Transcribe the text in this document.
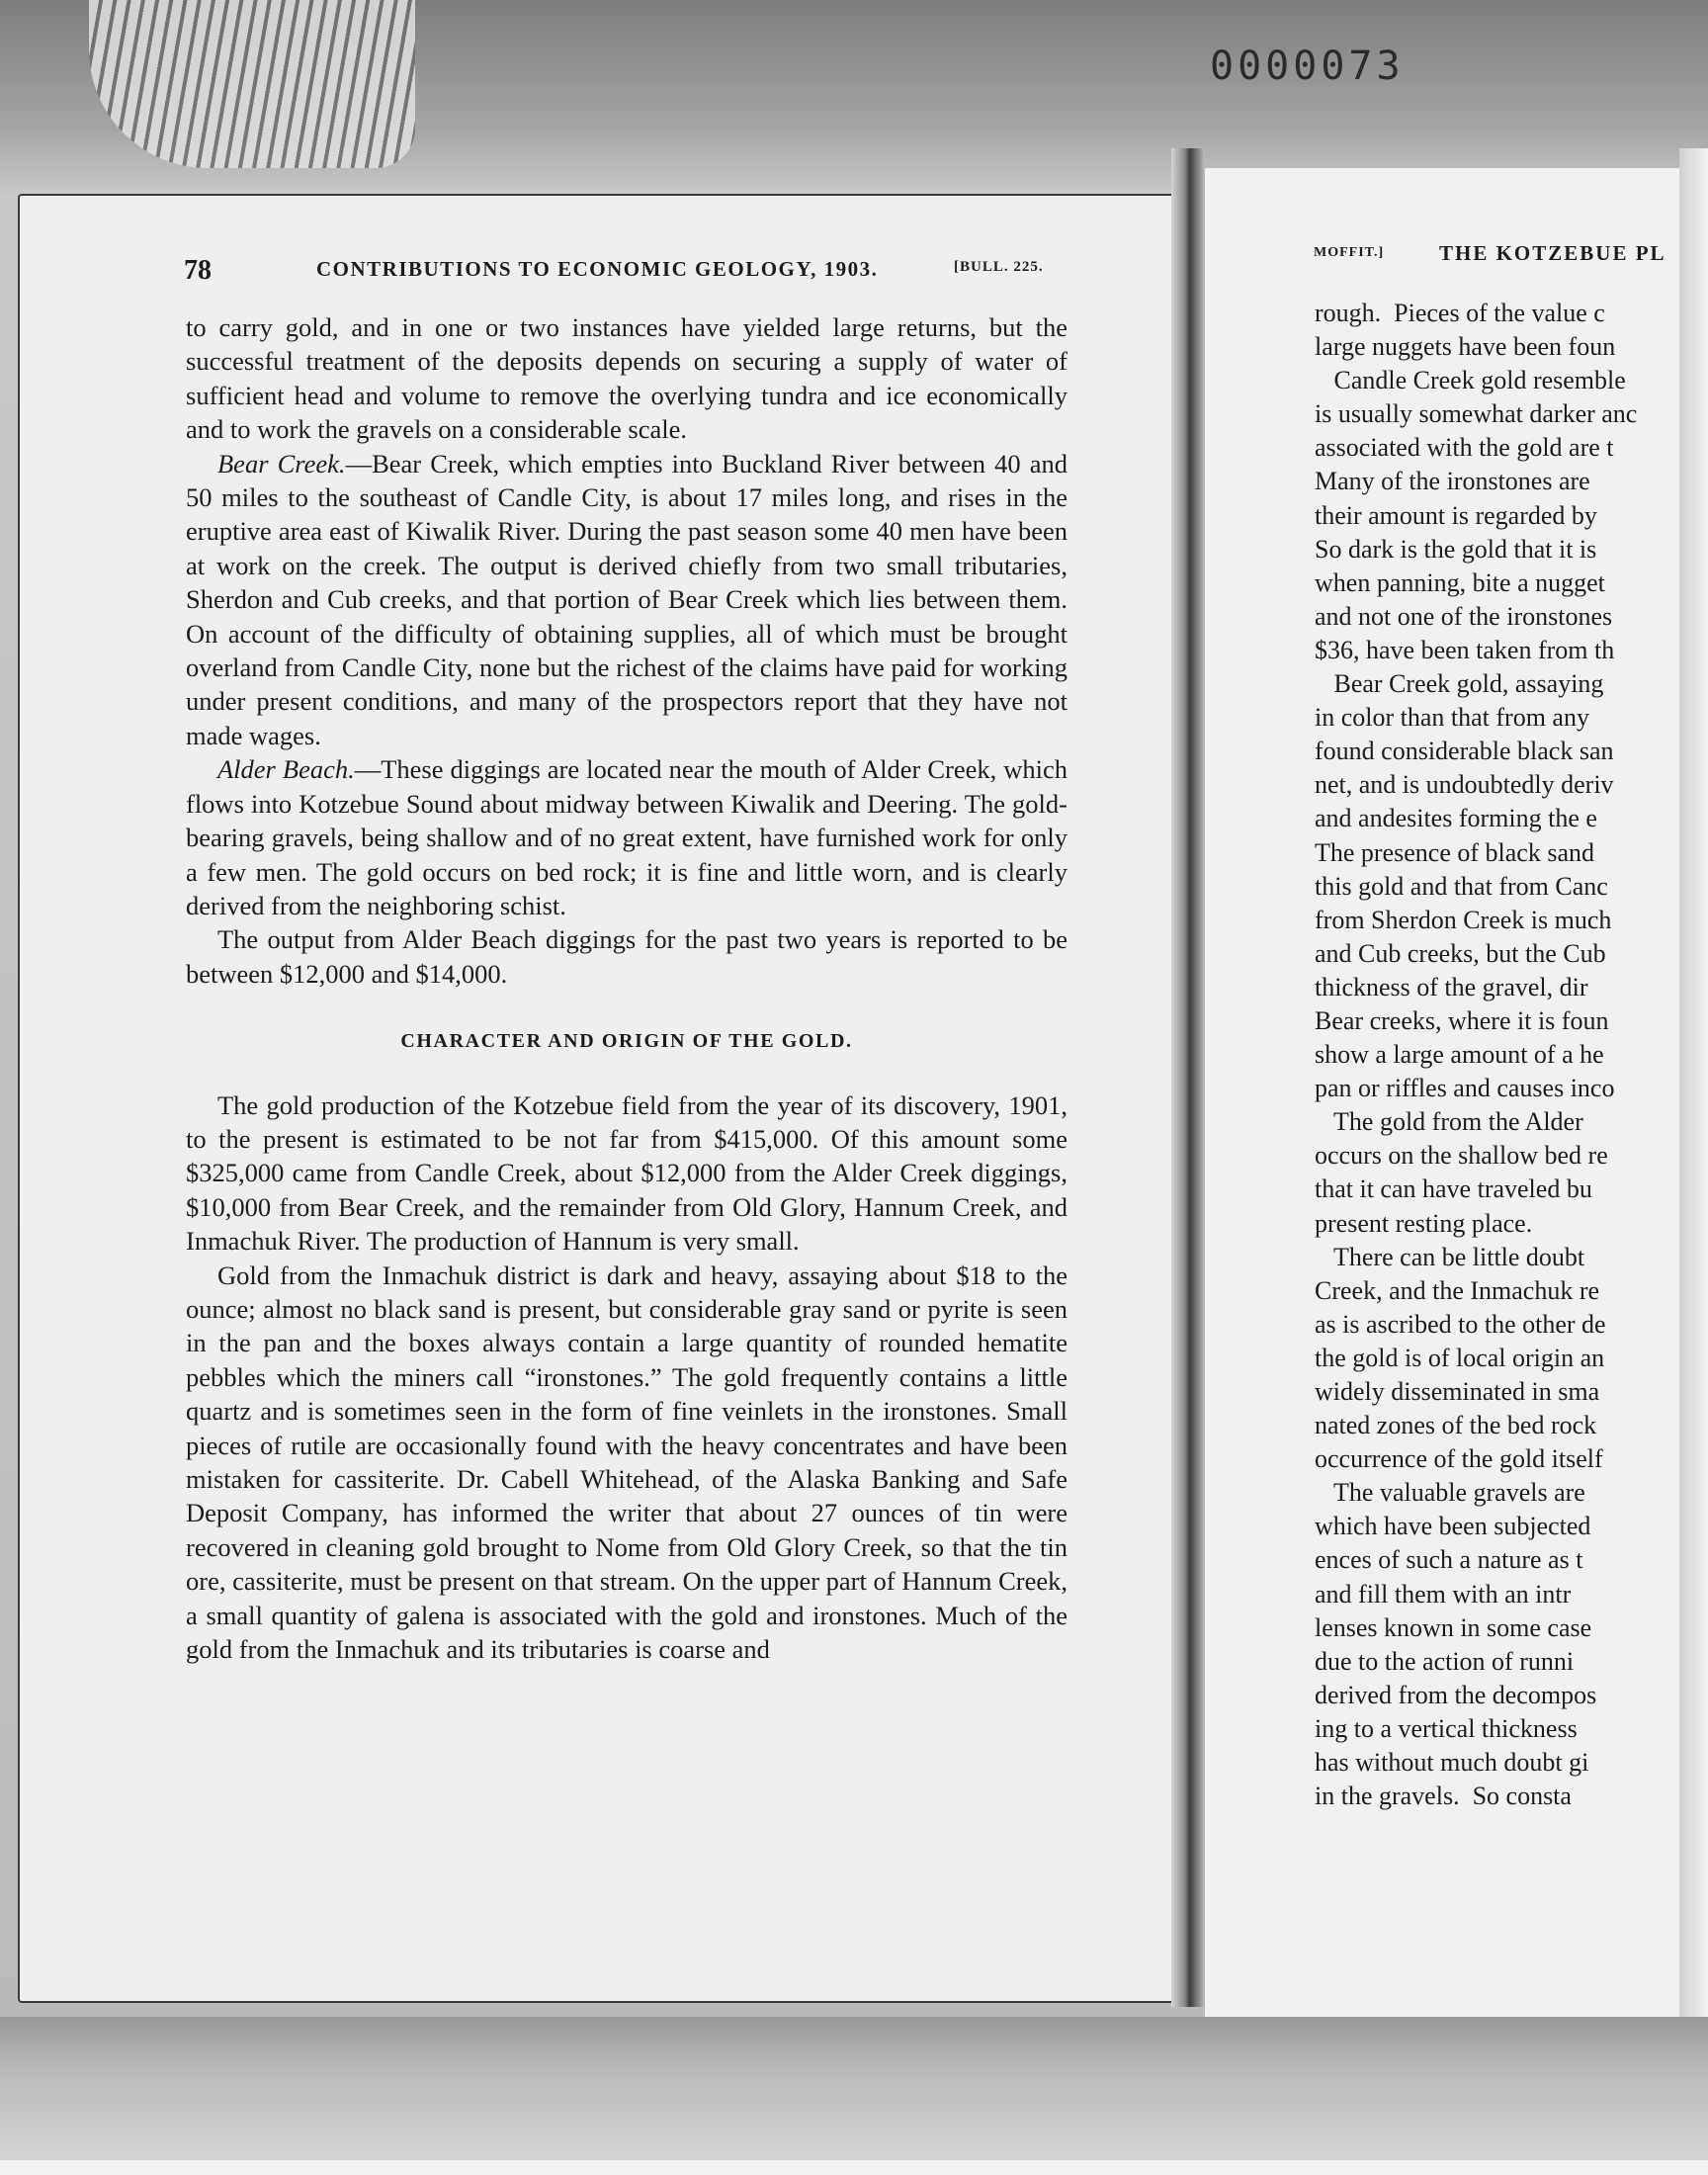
0000073
78	CONTRIBUTIONS TO ECONOMIC GEOLOGY, 1903.	[BULL. 225.

to carry gold, and in one or two instances have yielded large returns, but the successful treatment of the deposits depends on securing a supply of water of sufficient head and volume to remove the overlying tundra and ice economically and to work the gravels on a considerable scale.

Bear Creek.—Bear Creek, which empties into Buckland River between 40 and 50 miles to the southeast of Candle City, is about 17 miles long, and rises in the eruptive area east of Kiwalik River. During the past season some 40 men have been at work on the creek. The output is derived chiefly from two small tributaries, Sherdon and Cub creeks, and that portion of Bear Creek which lies between them. On account of the difficulty of obtaining supplies, all of which must be brought overland from Candle City, none but the richest of the claims have paid for working under present conditions, and many of the prospectors report that they have not made wages.

Alder Beach.—These diggings are located near the mouth of Alder Creek, which flows into Kotzebue Sound about midway between Kiwalik and Deering. The gold-bearing gravels, being shallow and of no great extent, have furnished work for only a few men. The gold occurs on bed rock; it is fine and little worn, and is clearly derived from the neighboring schist.

The output from Alder Beach diggings for the past two years is reported to be between $12,000 and $14,000.

CHARACTER AND ORIGIN OF THE GOLD.

The gold production of the Kotzebue field from the year of its discovery, 1901, to the present is estimated to be not far from $415,000. Of this amount some $325,000 came from Candle Creek, about $12,000 from the Alder Creek diggings, $10,000 from Bear Creek, and the remainder from Old Glory, Hannum Creek, and Inmachuk River. The production of Hannum is very small.

Gold from the Inmachuk district is dark and heavy, assaying about $18 to the ounce; almost no black sand is present, but considerable gray sand or pyrite is seen in the pan and the boxes always contain a large quantity of rounded hematite pebbles which the miners call “ironstones.” The gold frequently contains a little quartz and is sometimes seen in the form of fine veinlets in the ironstones. Small pieces of rutile are occasionally found with the heavy concentrates and have been mistaken for cassiterite. Dr. Cabell Whitehead, of the Alaska Banking and Safe Deposit Company, has informed the writer that about 27 ounces of tin were recovered in cleaning gold brought to Nome from Old Glory Creek, so that the tin ore, cassiterite, must be present on that stream. On the upper part of Hannum Creek, a small quantity of galena is associated with the gold and ironstones. Much of the gold from the Inmachuk and its tributaries is coarse and

MOFFIT.]	THE KOTZEBUE PL
rough.  Pieces of the value c
large nuggets have been foun
Candle Creek gold resemble
is usually somewhat darker anc
associated with the gold are t
Many of the ironstones are
their amount is regarded by
So dark is the gold that it is
when panning, bite a nugget
and not one of the ironstones
$36, have been taken from th
Bear Creek gold, assaying
in color than that from any
found considerable black san
net, and is undoubtedly deriv
and andesites forming the e
The presence of black sand
this gold and that from Canc
from Sherdon Creek is much
and Cub creeks, but the Cub
thickness of the gravel, dir
Bear creeks, where it is foun
show a large amount of a he
pan or riffles and causes inco
The gold from the Alder
occurs on the shallow bed re
that it can have traveled bu
present resting place.
There can be little doubt
Creek, and the Inmachuk re
as is ascribed to the other de
the gold is of local origin an
widely disseminated in sma
nated zones of the bed rock
occurrence of the gold itself
The valuable gravels are
which have been subjected
ences of such a nature as t
and fill them with an intr
lenses known in some case
due to the action of runni
derived from the decompos
ing to a vertical thickness
has without much doubt gi
in the gravels.  So consta
